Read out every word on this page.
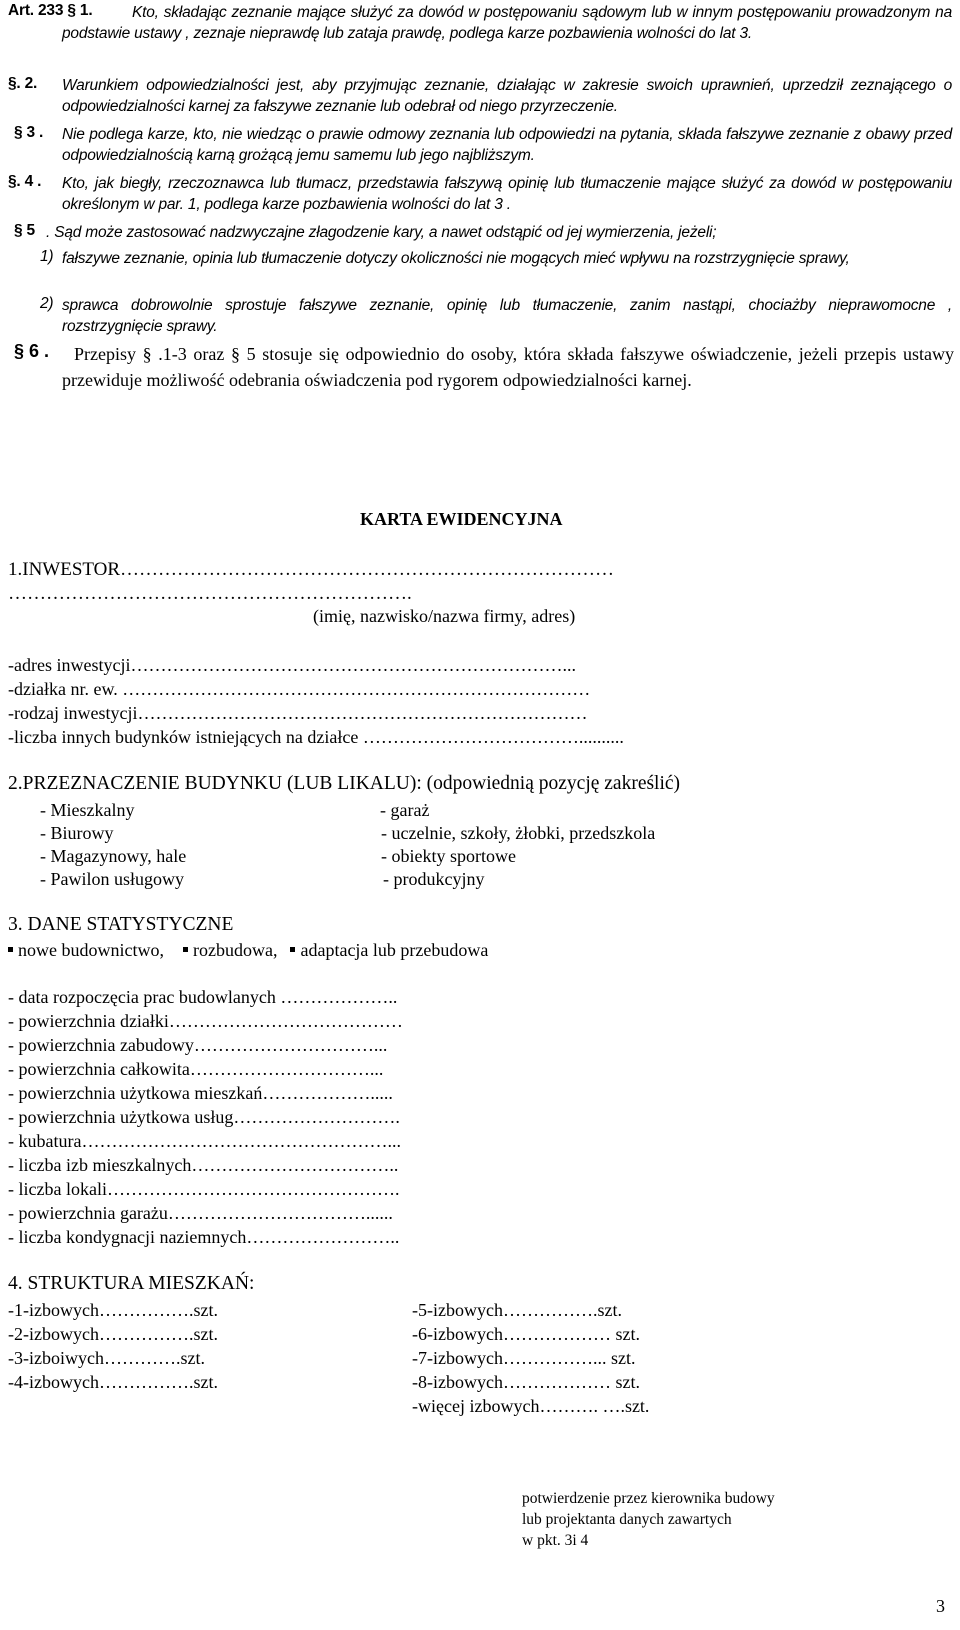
Art. 233 § 1.	Kto, składając zeznanie mające służyć za dowód w postępowaniu sądowym lub w innym postępowaniu prowadzonym na podstawie ustawy , zeznaje nieprawdę lub zataja prawdę, podlega karze pozbawienia wolności do lat 3.
§. 2. Warunkiem odpowiedzialności jest, aby przyjmując zeznanie, działając w zakresie swoich uprawnień, uprzedził zeznającego o odpowiedzialności karnej za fałszywe zeznanie lub odebrał od niego przyrzeczenie.
§ 3 . Nie podlega karze, kto, nie wiedząc o prawie odmowy zeznania lub odpowiedzi na pytania, składa fałszywe zeznanie z obawy przed odpowiedzialnością karną grożącą jemu samemu lub jego najbliższym.
§. 4 . Kto, jak biegły, rzeczoznawca lub tłumacz, przedstawia fałszywą opinię lub tłumaczenie mające służyć za dowód w postępowaniu określonym w par. 1, podlega karze pozbawienia wolności do lat 3 .
§ 5 . Sąd może zastosować nadzwyczajne złagodzenie kary, a nawet odstąpić od jej wymierzenia, jeżeli;
1) fałszywe zeznanie, opinia lub tłumaczenie dotyczy okoliczności nie mogących mieć wpływu na rozstrzygnięcie sprawy,
2) sprawca dobrowolnie sprostuje fałszywe zeznanie, opinię lub tłumaczenie, zanim nastąpi, chociażby nieprawomocne , rozstrzygnięcie sprawy.
§ 6 .	Przepisy § .1-3 oraz § 5 stosuje się odpowiednio do osoby, która składa fałszywe oświadczenie, jeżeli przepis ustawy przewiduje możliwość odebrania oświadczenia pod rygorem odpowiedzialności karnej.
KARTA EWIDENCYJNA
1.INWESTOR……………………………………………………………………
……………………………………………………….
(imię, nazwisko/nazwa firmy, adres)
-adres inwestycji………………………………………………………………...
-działka nr. ew. ……………………………………………………………………
-rodzaj inwestycji…………………………………………………………………
-liczba innych budynków istniejących na działce ………………………………..........
2.PRZEZNACZENIE BUDYNKU (LUB LIKALU): (odpowiednią pozycję zakreślić)
- Mieszkalny
- Biurowy
- Magazynowy, hale
- Pawilon usługowy
- garaż
- uczelnie, szkoły, żłobki, przedszkola
- obiekty sportowe
- produkcyjny
3. DANE STATYSTYCZNE
nowe budownictwo, rozbudowa, adaptacja lub przebudowa
- data rozpoczęcia prac budowlanych ………………..
- powierzchnia działki…………………………………
- powierzchnia zabudowy…………………………...
- powierzchnia całkowita…………………………...
- powierzchnia użytkowa mieszkań……………….....
- powierzchnia użytkowa usług……………………….
- kubatura……………………………………………...
- liczba izb mieszkalnych……………………………..
- liczba lokali………………………………………….
- powierzchnia garażu……………………………......
- liczba kondygnacji naziemnych……………………..
4. STRUKTURA MIESZKAŃ:
-1-izbowych…………….szt.
-2-izbowych…………….szt.
-3-izboiwych………….szt.
-4-izbowych…………….szt.
-5-izbowych…………….szt.
-6-izbowych……………… szt.
-7-izbowych……………... szt.
-8-izbowych……………… szt.
-więcej izbowych………. ….szt.
potwierdzenie przez kierownika budowy
lub projektanta danych zawartych
w pkt. 3i 4
3
